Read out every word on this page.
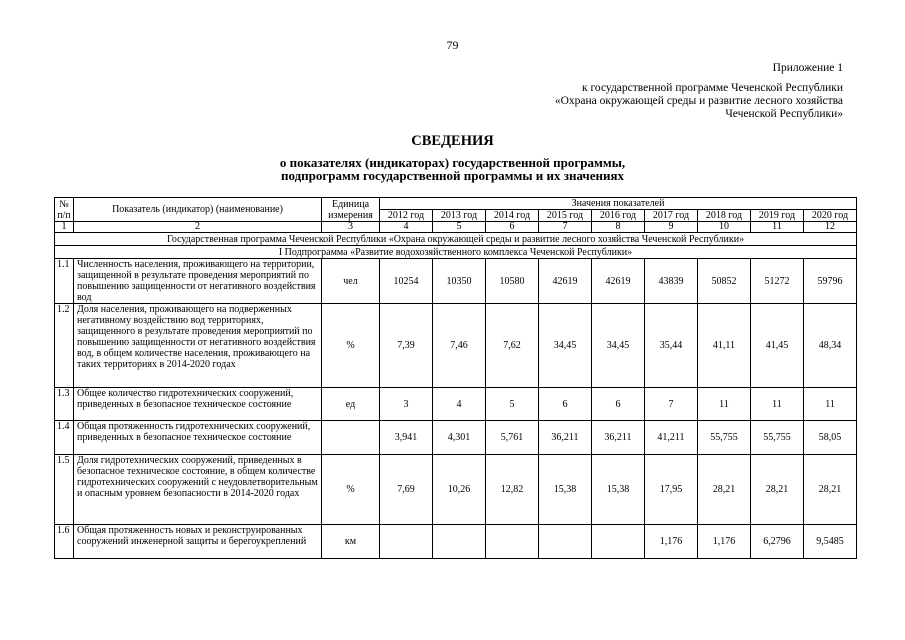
79
Приложение 1
к государственной программе Чеченской Республики
«Охрана окружающей среды и развитие лесного хозяйства
Чеченской Республики»
СВЕДЕНИЯ
о показателях (индикаторах) государственной программы,
подпрограмм государственной программы и их значениях
№ п/п	Показатель (индикатор) (наименование)	Единица измерения	Значения показателей								
			2012 год	2013 год	2014 год	2015 год	2016 год	2017 год	2018 год	2019 год	2020 год
1	2	3	4	5	6	7	8	9	10	11	12
Государственная программа Чеченской Республики «Охрана окружающей среды и развитие лесного хозяйства Чеченской Республики»											
I Подпрограмма «Развитие водохозяйственного комплекса Чеченской Республики»											
1.1	Численность населения, проживающего на территории, защищенной в результате проведения мероприятий по повышению защищенности от негативного воздействия вод	чел	10254	10350	10580	42619	42619	43839	50852	51272	59796
1.2	Доля населения, проживающего на подверженных негативному воздействию вод территориях, защищенного в результате проведения мероприятий по повышению защищенности от негативного воздействия вод, в общем количестве населения, проживающего на таких территориях в 2014-2020 годах	%	7,39	7,46	7,62	34,45	34,45	35,44	41,11	41,45	48,34
1.3	Общее количество гидротехнических сооружений, приведенных в безопасное техническое состояние	ед	3	4	5	6	6	7	11	11	11
1.4	Общая протяженность гидротехнических сооружений, приведенных в безопасное техническое состояние		3,941	4,301	5,761	36,211	36,211	41,211	55,755	55,755	58,05
1.5	Доля гидротехнических сооружений, приведенных в безопасное техническое состояние, в общем количестве гидротехнических сооружений с неудовлетворительным и опасным уровнем безопасности в 2014-2020 годах	%	7,69	10,26	12,82	15,38	15,38	17,95	28,21	28,21	28,21
1.6	Общая протяженность новых и реконструированных сооружений инженерной защиты и берегоукреплений	км						1,176	1,176	6,2796	9,5485
